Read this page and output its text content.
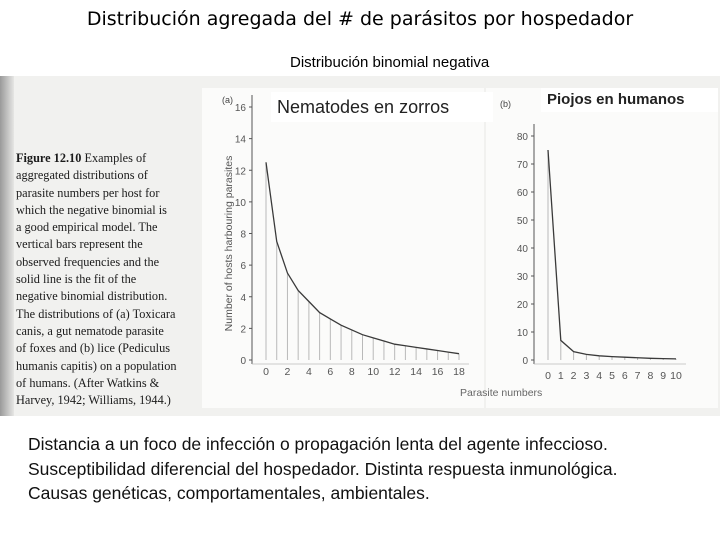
Distribución agregada del # de parásitos por hospedador
Distribución binomial negativa
Figure 12.10 Examples of
aggregated distributions of
parasite numbers per host for
which the negative binomial is
a good empirical model. The
vertical bars represent the
observed frequencies and the
solid line is the fit of the
negative binomial distribution.
The distributions of (a) Toxicara
canis, a gut nematode parasite
of foxes and (b) lice (Pediculus
humanis capitis) on a population
of humans. (After Watkins &
Harvey, 1942; Williams, 1944.)
(a)
0
2
4
6
8
10
12
14
16
0 2 4 6 8 10 12 14 16 18
Number of hosts harbouring parasites
(b)
0
10
20
30
40
50
60
70
80
0 1 2 3 4 5 6 7 8 9 10
Parasite numbers
Nematodes en zorros	Piojos en humanos
Distancia a un foco de infección o propagación lenta del agente infeccioso.
Susceptibilidad diferencial del hospedador. Distinta respuesta inmunológica.
Causas genéticas, comportamentales, ambientales.
